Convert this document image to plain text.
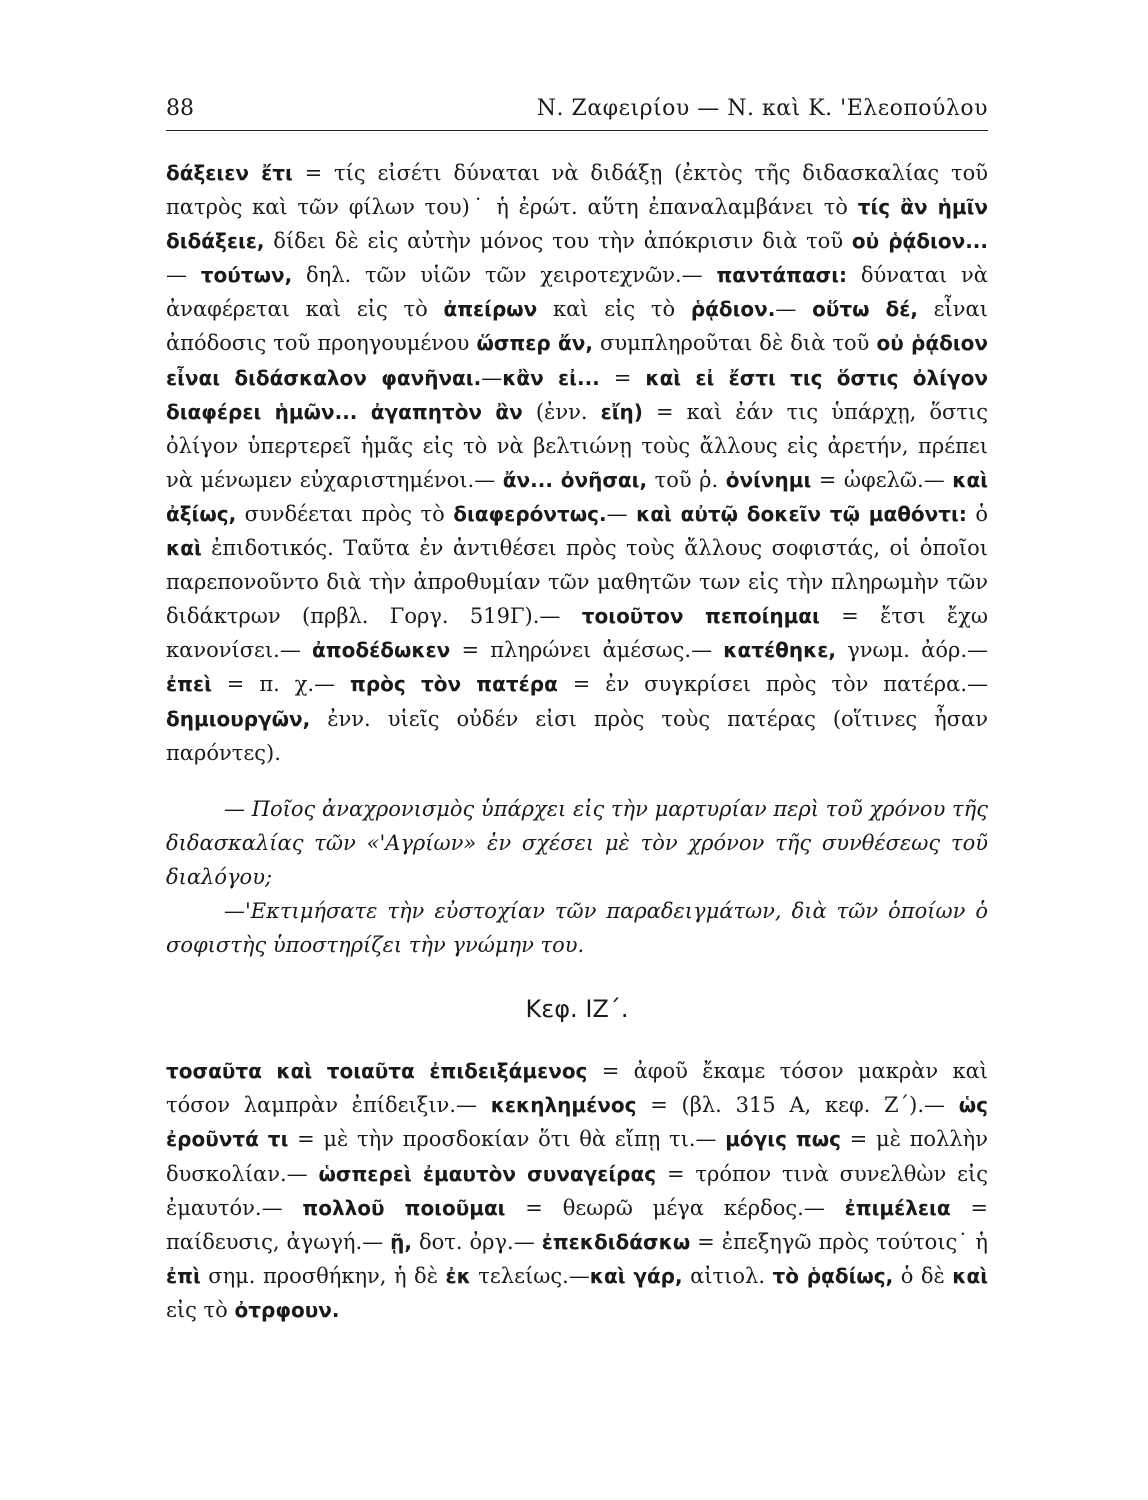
88	Ν. Ζαφειρίου — Ν. καὶ Κ. 'Ελεοπούλου

δάξειεν ἔτι = τίς εἰσέτι δύναται νὰ διδάξῃ (ἐκτὸς τῆς διδασκαλίας τοῦ πατρὸς καὶ τῶν φίλων του)˙ ἡ ἐρώτ. αὕτη ἐπαναλαμβάνει τὸ τίς ἂν ἡμῖν διδάξειε, δίδει δὲ εἰς αὐτὴν μόνος του τὴν ἀπόκρισιν διὰ τοῦ οὐ ῥᾴδιον... — τούτων, δηλ. τῶν υἱῶν τῶν χειροτεχνῶν.— παντάπασι: δύναται νὰ ἀναφέρεται καὶ εἰς τὸ ἀπείρων καὶ εἰς τὸ ῥᾴδιον.— οὕτω δέ, εἶναι ἀπόδοσις τοῦ προηγουμένου ὥσπερ ἄν, συμπληροῦται δὲ διὰ τοῦ οὐ ῥᾴδιον εἶναι διδάσκαλον φανῆναι.—κἂν εἰ... = καὶ εἰ ἔστι τις ὅστις ὀλίγον διαφέρει ἡμῶν... ἀγαπητὸν ἂν (ἐνν. εἴη) = καὶ ἐάν τις ὑπάρχῃ, ὅστις ὀλίγον ὑπερτερεῖ ἡμᾶς εἰς τὸ νὰ βελτιώνῃ τοὺς ἄλλους εἰς ἀρετήν, πρέπει νὰ μένωμεν εὐχαριστημένοι.— ἄν... ὀνῆσαι, τοῦ ῥ. ὀνίνημι = ὠφελῶ.— καὶ ἀξίως, συνδέεται πρὸς τὸ διαφερόντως.— καὶ αὐτῷ δοκεῖν τῷ μαθόντι: ὁ καὶ ἐπιδοτικός. Ταῦτα ἐν ἀντιθέσει πρὸς τοὺς ἄλλους σοφιστάς, οἱ ὁποῖοι παρεπονοῦντο διὰ τὴν ἀπροθυμίαν τῶν μαθητῶν των εἰς τὴν πληρωμὴν τῶν διδάκτρων (πρβλ. Γοργ. 519Γ).— τοιοῦτον πεποίημαι = ἔτσι ἔχω κανονίσει.— ἀποδέδωκεν = πληρώνει ἀμέσως.— κατέθηκε, γνωμ. ἀόρ.— ἐπεὶ = π. χ.— πρὸς τὸν πατέρα = ἐν συγκρίσει πρὸς τὸν πατέρα.— δημιουργῶν, ἐνν. υἱεῖς οὐδέν εἰσι πρὸς τοὺς πατέρας (οἵτινες ἦσαν παρόντες).

— Ποῖος ἀναχρονισμὸς ὑπάρχει εἰς τὴν μαρτυρίαν περὶ τοῦ χρόνου τῆς διδασκαλίας τῶν «'Αγρίων» ἐν σχέσει μὲ τὸν χρόνον τῆς συνθέσεως τοῦ διαλόγου;

—'Εκτιμήσατε τὴν εὐστοχίαν τῶν παραδειγμάτων, διὰ τῶν ὁποίων ὁ σοφιστὴς ὑποστηρίζει τὴν γνώμην του.

Κεφ. ΙΖ΄.

τοσαῦτα καὶ τοιαῦτα ἐπιδειξάμενος = ἀφοῦ ἔκαμε τόσον μακρὰν καὶ τόσον λαμπρὰν ἐπίδειξιν.— κεκηλημένος = (βλ. 315 Α, κεφ. Ζ΄).— ὡς ἐροῦντά τι = μὲ τὴν προσδοκίαν ὅτι θὰ εἴπῃ τι.— μόγις πως = μὲ πολλὴν δυσκολίαν.— ὡσπερεὶ ἐμαυτὸν συναγείρας = τρόπον τινὰ συνελθὼν εἰς ἐμαυτόν.— πολλοῦ ποιοῦμαι = θεωρῶ μέγα κέρδος.— ἐπιμέλεια = παίδευσις, ἀγωγή.— ῇ, δοτ. ὀργ.— ἐπεκδιδάσκω = ἐπεξηγῶ πρὸς τούτοις˙ ἡ ἐπὶ σημ. προσθήκην, ἡ δὲ ἐκ τελείως.—καὶ γάρ, αἰτιολ. τὸ ῥᾳδίως, ὁ δὲ καὶ εἰς τὸ ὀτρφουν.
